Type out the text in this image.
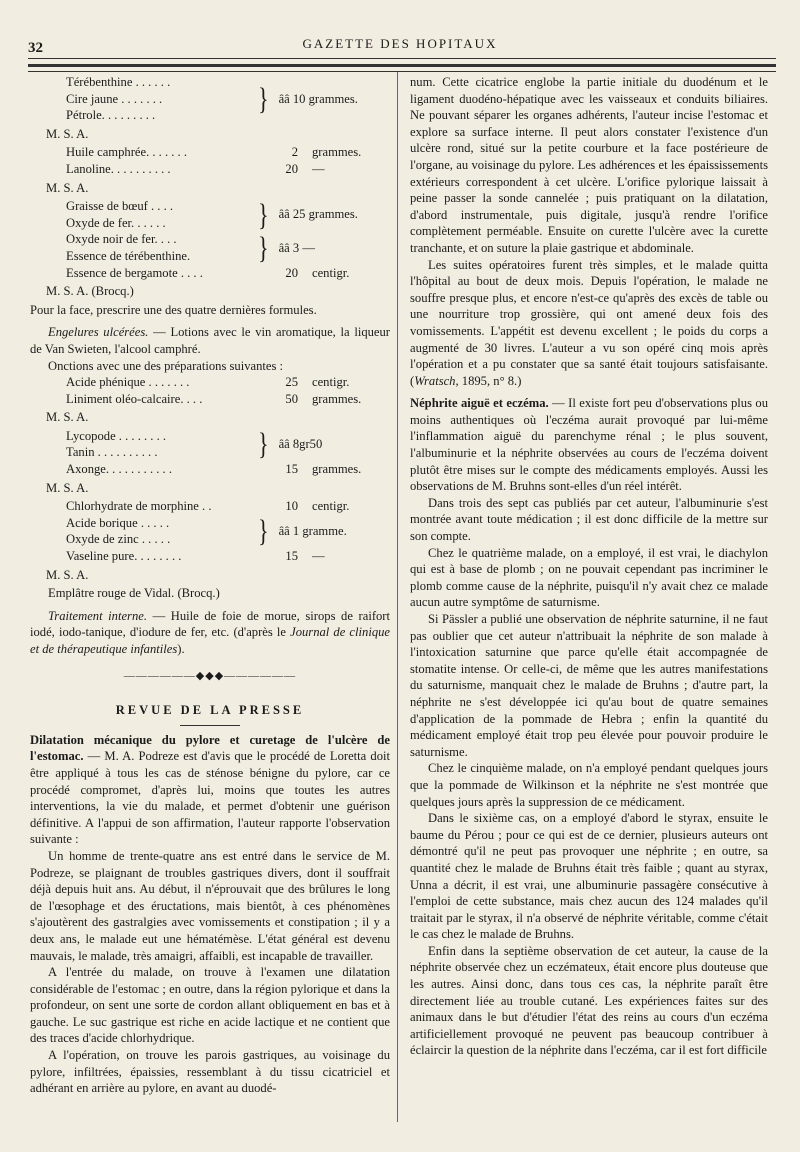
32	GAZETTE DES HOPITAUX
Térébenthine . . . . . .
Cire jaune . . . . . . .
Pétrole. . . . . . . . .	} ââ 10 grammes.
M. S. A.
Huile camphrée. . . . . . .	2	grammes.
Lanoline. . . . . . . . . .	20	—
M. S. A.
Graisse de bœuf . . . .
Oxyde de fer. . . . . .	} ââ 25 grammes.
Oxyde noir de fer. . . .
Essence de térébenthine.	} ââ 3 —
Essence de bergamote . . . .	20	centigr.
M. S. A. (Brocq.)

Pour la face, prescrire une des quatre dernières formules.

Engelures ulcérées. — Lotions avec le vin aromatique, la liqueur de Van Swieten, l'alcool camphré.

Onctions avec une des préparations suivantes :

Acide phénique . . . . . . .	25	centigr.
Liniment oléo-calcaire. . . .	50	grammes.
M. S. A.
Lycopode . . . . . . . .
Tanin . . . . . . . . . .	} ââ 8gr50
Axonge. . . . . . . . . . .	15	grammes.
M. S. A.
Chlorhydrate de morphine . .	10	centigr.
Acide borique . . . . .
Oxyde de zinc . . . . .	} ââ 1 gramme.
Vaseline pure. . . . . . . .	15	—
M. S. A.

Emplâtre rouge de Vidal. (Brocq.)

Traitement interne. — Huile de foie de morue, sirops de raifort iodé, iodo-tanique, d'iodure de fer, etc. (d'après le Journal de clinique et de thérapeutique infantiles).

——————◆◆◆——————
REVUE DE LA PRESSE

Dilatation mécanique du pylore et curetage de l'ulcère de l'estomac. — M. A. Podreze est d'avis que le procédé de Loretta doit être appliqué à tous les cas de sténose bénigne du pylore, car ce procédé compromet, d'après lui, moins que toutes les autres interventions, la vie du malade, et permet d'obtenir une guérison définitive. A l'appui de son affirmation, l'auteur rapporte l'observation suivante :

Un homme de trente-quatre ans est entré dans le service de M. Podreze, se plaignant de troubles gastriques divers, dont il souffrait déjà depuis huit ans. Au début, il n'éprouvait que des brûlures le long de l'œsophage et des éructations, mais bientôt, à ces phénomènes s'ajoutèrent des gastralgies avec vomissements et constipation ; il y a deux ans, le malade eut une hématémèse. L'état général est devenu mauvais, le malade, très amaigri, affaibli, est incapable de travailler.

A l'entrée du malade, on trouve à l'examen une dilatation considérable de l'estomac ; en outre, dans la région pylorique et dans la profondeur, on sent une sorte de cordon allant obliquement en bas et à gauche. Le suc gastrique est riche en acide lactique et ne contient que des traces d'acide chlorhydrique.

A l'opération, on trouve les parois gastriques, au voisinage du pylore, infiltrées, épaissies, ressemblant à du tissu cicatriciel et adhérant en arrière au pylore, en avant au duodé-

num. Cette cicatrice englobe la partie initiale du duodénum et le ligament duodéno-hépatique avec les vaisseaux et conduits biliaires. Ne pouvant séparer les organes adhérents, l'auteur incise l'estomac et explore sa surface interne. Il peut alors constater l'existence d'un ulcère rond, situé sur la petite courbure et la face postérieure de l'organe, au voisinage du pylore. Les adhérences et les épaississements extérieurs correspondent à cet ulcère. L'orifice pylorique laissait à peine passer la sonde cannelée ; puis pratiquant on la dilatation, d'abord instrumentale, puis digitale, jusqu'à rendre l'orifice complètement perméable. Ensuite on curette l'ulcère avec la curette tranchante, et on suture la plaie gastrique et abdominale.

Les suites opératoires furent très simples, et le malade quitta l'hôpital au bout de deux mois. Depuis l'opération, le malade ne souffre presque plus, et encore n'est-ce qu'après des excès de table ou une nourriture trop grossière, qui ont amené deux fois des vomissements. L'appétit est devenu excellent ; le poids du corps a augmenté de 30 livres. L'auteur a vu son opéré cinq mois après l'opération et a pu constater que sa santé était toujours satisfaisante. (Wratsch, 1895, n° 8.)

Néphrite aiguë et eczéma. — Il existe fort peu d'observations plus ou moins authentiques où l'eczéma aurait provoqué par lui-même l'inflammation aiguë du parenchyme rénal ; le plus souvent, l'albuminurie et la néphrite observées au cours de l'eczéma doivent plutôt être mises sur le compte des médicaments employés. Aussi les observations de M. Bruhns sont-elles d'un réel intérêt.

Dans trois des sept cas publiés par cet auteur, l'albuminurie s'est montrée avant toute médication ; il est donc difficile de la mettre sur son compte.

Chez le quatrième malade, on a employé, il est vrai, le diachylon qui est à base de plomb ; on ne pouvait cependant pas incriminer le plomb comme cause de la néphrite, puisqu'il n'y avait chez ce malade aucun autre symptôme de saturnisme.

Si Pässler a publié une observation de néphrite saturnine, il ne faut pas oublier que cet auteur n'attribuait la néphrite de son malade à l'intoxication saturnine que parce qu'elle était accompagnée de stomatite intense. Or celle-ci, de même que les autres manifestations du saturnisme, manquait chez le malade de Bruhns ; d'autre part, la néphrite ne s'est développée ici qu'au bout de quatre semaines d'application de la pommade de Hebra ; enfin la quantité du médicament employé était trop peu élevée pour pouvoir produire le saturnisme.

Chez le cinquième malade, on n'a employé pendant quelques jours que la pommade de Wilkinson et la néphrite ne s'est montrée que quelques jours après la suppression de ce médicament.

Dans le sixième cas, on a employé d'abord le styrax, ensuite le baume du Pérou ; pour ce qui est de ce dernier, plusieurs auteurs ont démontré qu'il ne peut pas provoquer une néphrite ; en outre, sa quantité chez le malade de Bruhns était très faible ; quant au styrax, Unna a décrit, il est vrai, une albuminurie passagère consécutive à l'emploi de cette substance, mais chez aucun des 124 malades qu'il traitait par le styrax, il n'a observé de néphrite véritable, comme c'était le cas chez le malade de Bruhns.

Enfin dans la septième observation de cet auteur, la cause de la néphrite observée chez un eczémateux, était encore plus douteuse que les autres. Ainsi donc, dans tous ces cas, la néphrite paraît être directement liée au trouble cutané. Les expériences faites sur des animaux dans le but d'étudier l'état des reins au cours d'un eczéma artificiellement provoqué ne peuvent pas beaucoup contribuer à éclaircir la question de la néphrite dans l'eczéma, car il est fort difficile
